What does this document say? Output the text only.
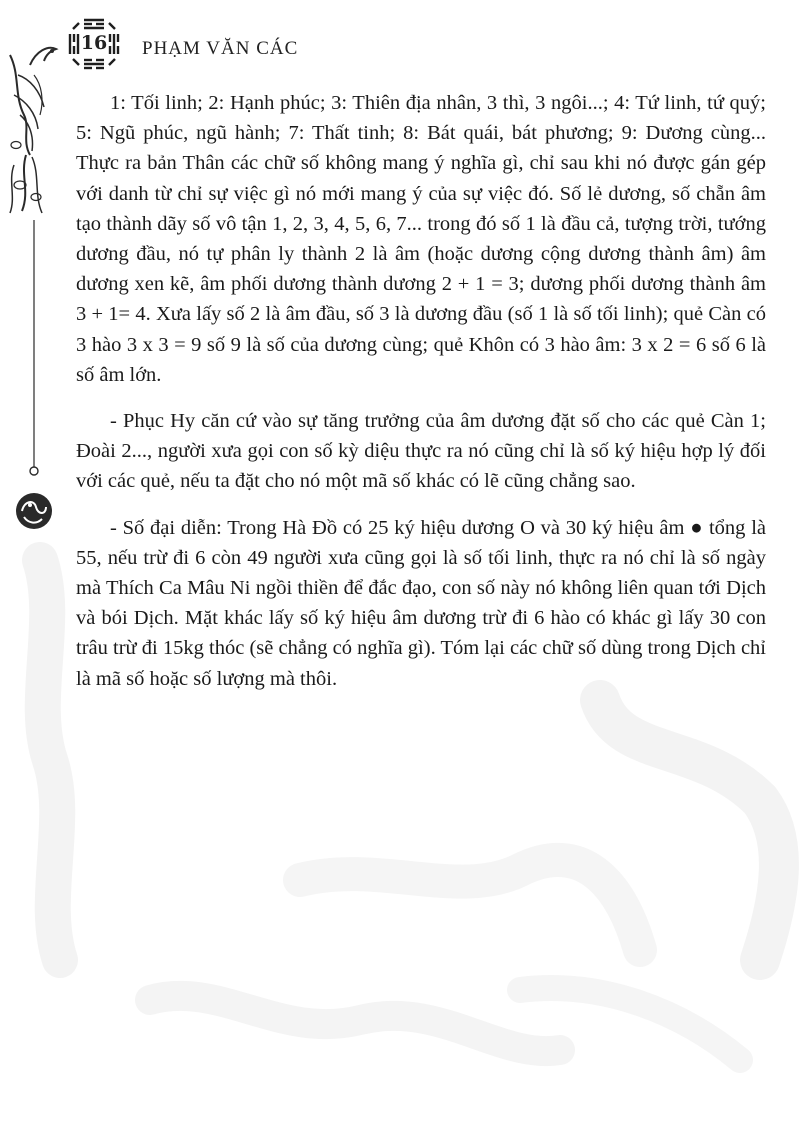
16 PHẠM VĂN CÁC

1: Tối linh; 2: Hạnh phúc; 3: Thiên địa nhân, 3 thì, 3 ngôi...; 4: Tứ linh, tứ quý; 5: Ngũ phúc, ngũ hành; 7: Thất tinh; 8: Bát quái, bát phương; 9: Dương cùng... Thực ra bản Thân các chữ số không mang ý nghĩa gì, chỉ sau khi nó được gán gép với danh từ chỉ sự việc gì nó mới mang ý của sự việc đó. Số lẻ dương, số chẵn âm tạo thành dãy số vô tận 1, 2, 3, 4, 5, 6, 7... trong đó số 1 là đầu cả, tượng trời, tướng dương đầu, nó tự phân ly thành 2 là âm (hoặc dương cộng dương thành âm) âm dương xen kẽ, âm phối dương thành dương 2 + 1 = 3; dương phối dương thành âm 3 + 1= 4. Xưa lấy số 2 là âm đầu, số 3 là dương đầu (số 1 là số tối linh); quẻ Càn có 3 hào 3 x 3 = 9 số 9 là số của dương cùng; quẻ Khôn có 3 hào âm: 3 x 2 = 6 số 6 là số âm lớn.

- Phục Hy căn cứ vào sự tăng trưởng của âm dương đặt số cho các quẻ Càn 1; Đoài 2..., người xưa gọi con số kỳ diệu thực ra nó cũng chỉ là số ký hiệu hợp lý đối với các quẻ, nếu ta đặt cho nó một mã số khác có lẽ cũng chẳng sao.

- Số đại diễn: Trong Hà Đồ có 25 ký hiệu dương O và 30 ký hiệu âm ● tổng là 55, nếu trừ đi 6 còn 49 người xưa cũng gọi là số tối linh, thực ra nó chỉ là số ngày mà Thích Ca Mâu Ni ngồi thiền để đắc đạo, con số này nó không liên quan tới Dịch và bói Dịch. Mặt khác lấy số ký hiệu âm dương trừ đi 6 hào có khác gì lấy 30 con trâu trừ đi 15kg thóc (sẽ chẳng có nghĩa gì). Tóm lại các chữ số dùng trong Dịch chỉ là mã số hoặc số lượng mà thôi.
